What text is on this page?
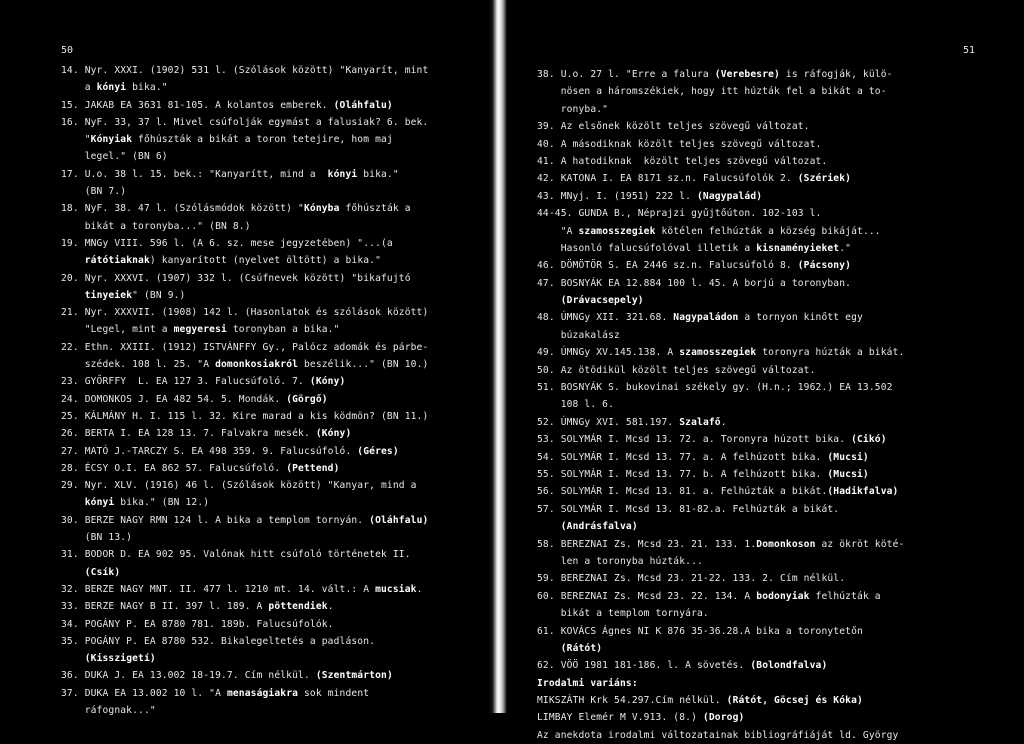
50
14. Nyr. XXXI. (1902) 531 l. (Szólások között) "Kanyarít, mint
a kónyi bika."
15. JAKAB EA 3631 81-105. A kolantos emberek. (Oláhfalu)
16. NyF. 33, 37 l. Mivel csúfolják egymást a falusiak? 6. bek.
"Kónyiak főhúszták a bikát a toron tetejire, hom maj
legel." (BN 6)
17. U.o. 38 l. 15. bek.: "Kanyarítt, mind a  kónyi bika."
(BN 7.)
18. NyF. 38. 47 l. (Szólásmódok között) "Kónyba főhúszták a
bikát a toronyba..." (BN 8.)
19. MNGy VIII. 596 l. (A 6. sz. mese jegyzetében) "...(a
rátótiaknak) kanyarított (nyelvet öltött) a bika."
20. Nyr. XXXVI. (1907) 332 l. (Csúfnevek között) "bikafujtó
tinyeiek" (BN 9.)
21. Nyr. XXXVII. (1908) 142 l. (Hasonlatok és szólások között)
"Legel, mint a megyeresi toronyban a bika."
22. Ethn. XXIII. (1912) ISTVÁNFFY Gy., Palócz adomák és párbe-
szédek. 108 l. 25. "A domonkosiakról beszélik..." (BN 10.)
23. GYŐRFFY  L. EA 127 3. Falucsúfoló. 7. (Kóny)
24. DOMONKOS J. EA 482 54. 5. Mondák. (Görgő)
25. KÁLMÁNY H. I. 115 l. 32. Kire marad a kis ködmön? (BN 11.)
26. BERTA I. EA 128 13. 7. Falvakra mesék. (Kóny)
27. MATÓ J.-TARCZY S. EA 498 359. 9. Falucsúfoló. (Géres)
28. ÉCSY O.I. EA 862 57. Falucsúfoló. (Pettend)
29. Nyr. XLV. (1916) 46 l. (Szólások között) "Kanyar, mind a
kónyi bika." (BN 12.)
30. BERZE NAGY RMN 124 l. A bika a templom tornyán. (Oláhfalu)
(BN 13.)
31. BODOR D. EA 902 95. Valónak hitt csúfoló történetek II.
(Csík)
32. BERZE NAGY MNT. II. 477 l. 1210 mt. 14. vált.: A mucsiak.
33. BERZE NAGY B II. 397 l. 189. A pöttendiek.
34. POGÁNY P. EA 8780 781. 189b. Falucsúfolók.
35. POGÁNY P. EA 8780 532. Bikalegeltetés a padláson.
(Kisszigetí)
36. DUKA J. EA 13.002 18-19.7. Cím nélkül. (Szentmárton)
37. DUKA EA 13.002 10 l. "A menaságiakra sok mindent
ráfognak..."
51
38. U.o. 27 l. "Erre a falura (Verebesre) is ráfogják, külö-
nösen a háromszékiek, hogy itt húzták fel a bikát a to-
ronyba."
39. Az elsőnek közölt teljes szövegű változat.
40. A másodiknak közölt teljes szövegű változat.
41. A hatodiknak  közölt teljes szövegű változat.
42. KATONA I. EA 8171 sz.n. Falucsúfolók 2. (Szériek)
43. MNyj. I. (1951) 222 l. (Nagypalád)
44-45. GUNDA B., Néprajzi gyűjtőúton. 102-103 l.
"A szamosszegiek kötélen felhúzták a község bikáját...
Hasonló falucsúfolóval illetik a kisnaményieket."
46. DÖMÖTÖR S. EA 2446 sz.n. Falucsúfoló 8. (Pácsony)
47. BOSNYÁK EA 12.884 100 l. 45. A borjú a toronyban.
(Drávacsepely)
48. ÚMNGy XII. 321.68. Nagypaládon a tornyon kinőtt egy
búzakalász
49. ÚMNGy XV.145.138. A szamosszegiek toronyra húzták a bikát.
50. Az ötödikül közölt teljes szövegű változat.
51. BOSNYÁK S. bukovinai székely gy. (H.n.; 1962.) EA 13.502
108 l. 6.
52. ÚMNGy XVI. 581.197. Szalafő.
53. SOLYMÁR I. Mcsd 13. 72. a. Toronyra húzott bika. (Cikó)
54. SOLYMÁR I. Mcsd 13. 77. a. A felhúzott bika. (Mucsi)
55. SOLYMÁR I. Mcsd 13. 77. b. A felhúzott bika. (Mucsi)
56. SOLYMÁR I. Mcsd 13. 81. a. Felhúzták a bikát.(Hadikfalva)
57. SOLYMÁR I. Mcsd 13. 81-82.a. Felhúzták a bikát.
(Andrásfalva)
58. BEREZNAI Zs. Mcsd 23. 21. 133. 1.Domonkoson az ökröt köté-
len a toronyba húzták...
59. BEREZNAI Zs. Mcsd 23. 21-22. 133. 2. Cím nélkül.
60. BEREZNAI Zs. Mcsd 23. 22. 134. A bodonyiak felhúzták a
bikát a templom tornyára.
61. KOVÁCS Ágnes NI K 876 35-36.28.A bika a toronytetőn
(Rátót)
62. VÖÖ 1981 181-186. l. A sövetés. (Bolondfalva)
Irodalmi variáns:
MIKSZÁTH Krk 54.297.Cím nélkül. (Rátót, Göcsej és Kóka)
LIMBAY Elemér M V.913. (8.) (Dorog)
Az anekdota irodalmi változatainak bibliográfiáját ld. György
